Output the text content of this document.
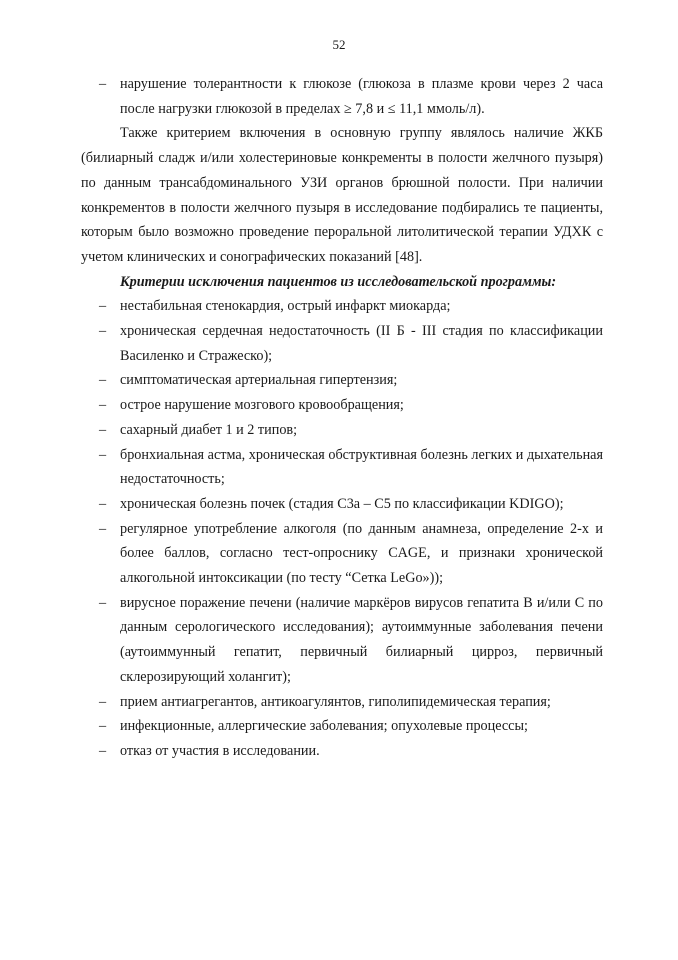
52
– нарушение толерантности к глюкозе (глюкоза в плазме крови через 2 часа после нагрузки глюкозой в пределах ≥ 7,8 и ≤ 11,1 ммоль/л).
Также критерием включения в основную группу являлось наличие ЖКБ (билиарный сладж и/или холестериновые конкременты в полости желчного пузыря) по данным трансабдоминального УЗИ органов брюшной полости. При наличии конкрементов в полости желчного пузыря в исследование подбирались те пациенты, которым было возможно проведение пероральной литолитической терапии УДХК с учетом клинических и сонографических показаний [48].
Критерии исключения пациентов из исследовательской программы:
– нестабильная стенокардия, острый инфаркт миокарда;
– хроническая сердечная недостаточность (II Б - III стадия по классификации Василенко и Стражеско);
– симптоматическая артериальная гипертензия;
– острое нарушение мозгового кровообращения;
– сахарный диабет 1 и 2 типов;
– бронхиальная астма, хроническая обструктивная болезнь легких и дыхательная недостаточность;
– хроническая болезнь почек (стадия С3а – С5 по классификации KDIGO);
– регулярное употребление алкоголя (по данным анамнеза, определение 2-х и более баллов, согласно тест-опроснику CAGE, и признаки хронической алкогольной интоксикации (по тесту “Сетка LeGo»));
– вирусное поражение печени (наличие маркёров вирусов гепатита В и/или С по данным серологического исследования); аутоиммунные заболевания печени (аутоиммунный гепатит, первичный билиарный цирроз, первичный склерозирующий холангит);
– прием антиагрегантов, антикоагулянтов, гиполипидемическая терапия;
– инфекционные, аллергические заболевания; опухолевые процессы;
– отказ от участия в исследовании.
